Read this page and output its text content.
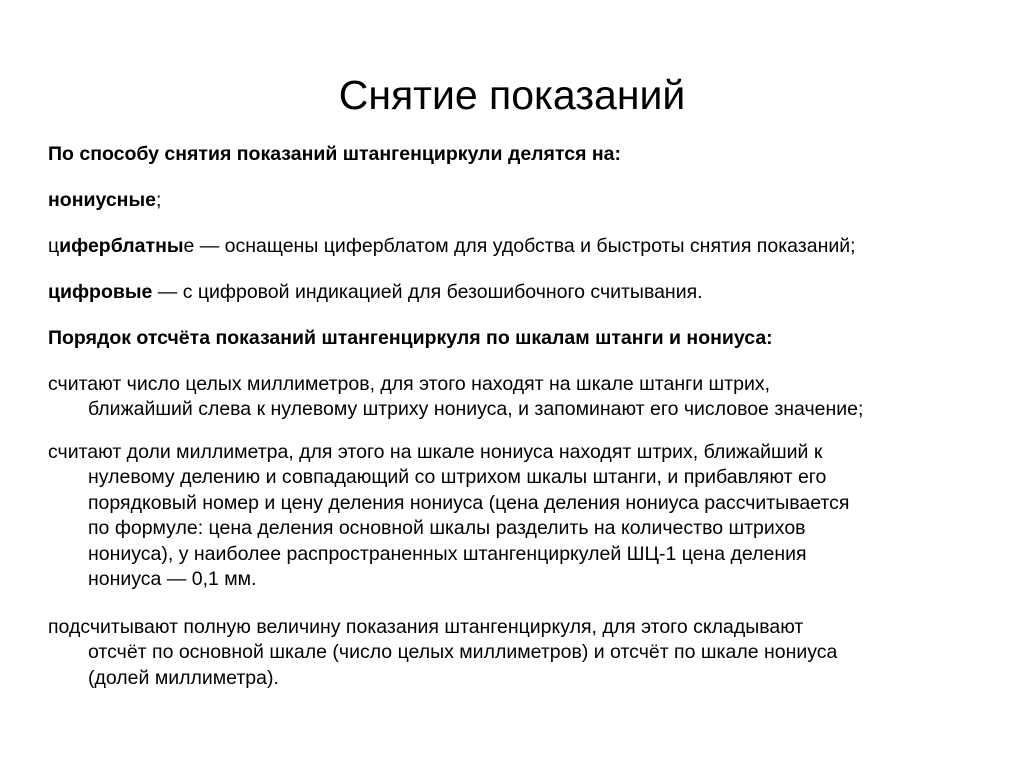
Снятие показаний
По способу снятия показаний штангенциркули делятся на:
нониусные;
циферблатные — оснащены циферблатом для удобства и быстроты снятия показаний;
цифровые — с цифровой индикацией для безошибочного считывания.
Порядок отсчёта показаний штангенциркуля по шкалам штанги и нониуса:
считают число целых миллиметров, для этого находят на шкале штанги штрих,
ближайший слева к нулевому штриху нониуса, и запоминают его числовое значение;
считают доли миллиметра, для этого на шкале нониуса находят штрих, ближайший к
нулевому делению и совпадающий со штрихом шкалы штанги, и прибавляют его
порядковый номер и цену деления нониуса (цена деления нониуса рассчитывается
по формуле: цена деления основной шкалы разделить на количество штрихов
нониуса), у наиболее распространенных штангенциркулей ШЦ-1 цена деления
нониуса — 0,1 мм.
подсчитывают полную величину показания штангенциркуля, для этого складывают
отсчёт по основной шкале (число целых миллиметров) и отсчёт по шкале нониуса
(долей миллиметра).
